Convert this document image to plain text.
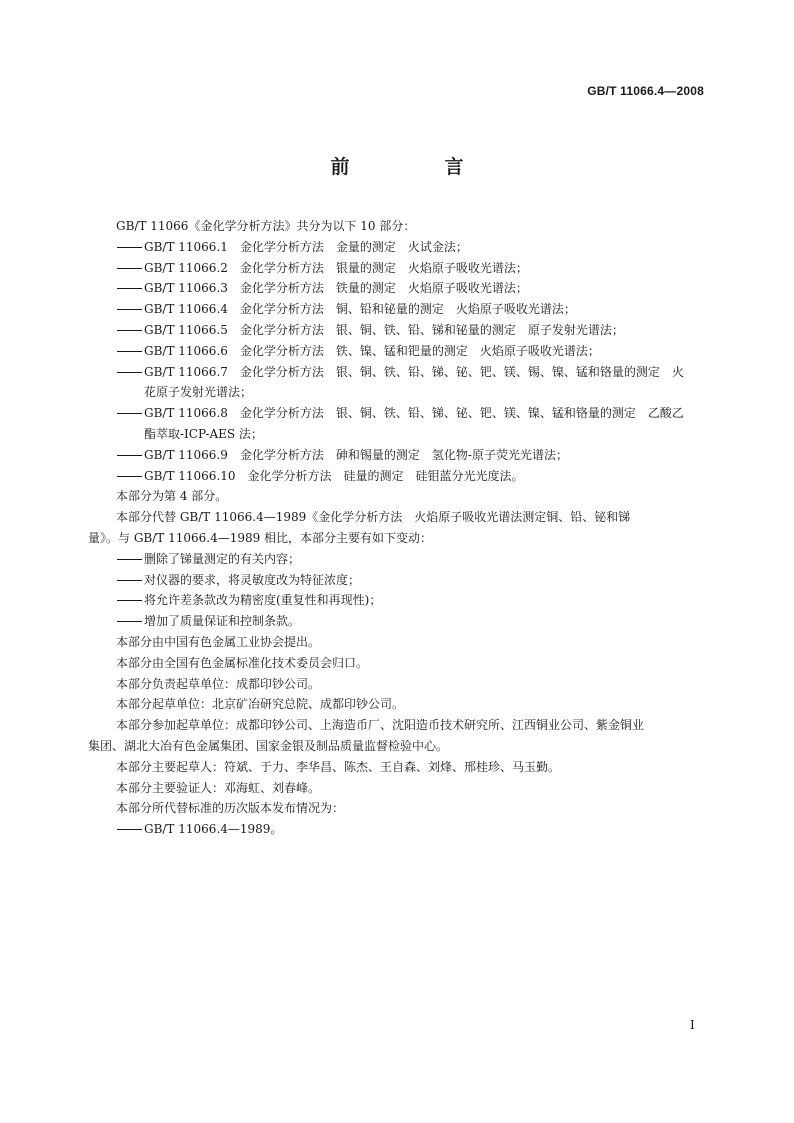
GB/T 11066.4—2008
前　言

GB/T 11066《金化学分析方法》共分为以下 10 部分：

GB/T 11066.1　金化学分析方法　金量的测定　火试金法；
GB/T 11066.2　金化学分析方法　银量的测定　火焰原子吸收光谱法；
GB/T 11066.3　金化学分析方法　铁量的测定　火焰原子吸收光谱法；
GB/T 11066.4　金化学分析方法　铜、铅和铋量的测定　火焰原子吸收光谱法；
GB/T 11066.5　金化学分析方法　银、铜、铁、铅、锑和铋量的测定　原子发射光谱法；
GB/T 11066.6　金化学分析方法　铁、镍、锰和钯量的测定　火焰原子吸收光谱法；
GB/T 11066.7　金化学分析方法　银、铜、铁、铅、锑、铋、钯、镁、锡、镍、锰和铬量的测定　火
花原子发射光谱法；
GB/T 11066.8　金化学分析方法　银、铜、铁、铅、锑、铋、钯、镁、镍、锰和铬量的测定　乙酸乙
酯萃取-ICP-AES 法；
GB/T 11066.9　金化学分析方法　砷和锡量的测定　氢化物-原子荧光光谱法；
GB/T 11066.10　金化学分析方法　硅量的测定　硅钼蓝分光光度法。

本部分为第 4 部分。

本部分代替 GB/T 11066.4—1989《金化学分析方法　火焰原子吸收光谱法测定铜、铅、铋和锑

量》。与 GB/T 11066.4—1989 相比，本部分主要有如下变动：

删除了锑量测定的有关内容；
对仪器的要求，将灵敏度改为特征浓度；
将允许差条款改为精密度(重复性和再现性)；
增加了质量保证和控制条款。

本部分由中国有色金属工业协会提出。

本部分由全国有色金属标准化技术委员会归口。

本部分负责起草单位：成都印钞公司。

本部分起草单位：北京矿冶研究总院、成都印钞公司。

本部分参加起草单位：成都印钞公司、上海造币厂、沈阳造币技术研究所、江西铜业公司、紫金铜业

集团、湖北大冶有色金属集团、国家金银及制品质量监督检验中心。

本部分主要起草人：符斌、于力、李华昌、陈杰、王自森、刘烽、邢桂珍、马玉勤。

本部分主要验证人：邓海虹、刘春峰。

本部分所代替标准的历次版本发布情况为：

GB/T 11066.4—1989。
I
